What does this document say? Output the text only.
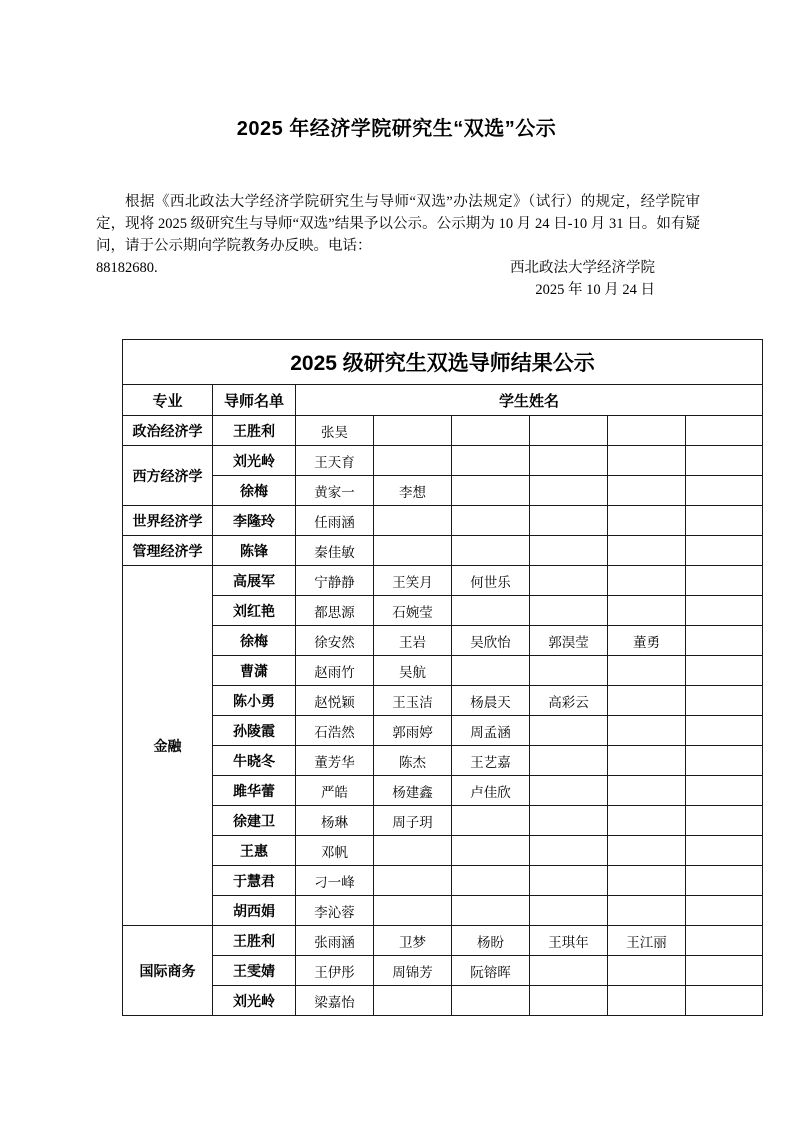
2025 年经济学院研究生“双选”公示
根据《西北政法大学经济学院研究生与导师“双选”办法规定》（试行）的规定，经学院审定，现将 2025 级研究生与导师“双选”结果予以公示。公示期为 10 月 24 日-10 月 31 日。如有疑问，请于公示期向学院教务办反映。电话：
88182680.	西北政法大学经济学院
2025 年 10 月 24 日
2025 级研究生双选导师结果公示							
专业	导师名单	学生姓名					
政治经济学	王胜利	张昊					
西方经济学	刘光岭	王天育					
	徐梅	黄家一	李想				
世界经济学	李隆玲	任雨涵					
管理经济学	陈锋	秦佳敏					
金融	高展军	宁静静	王笑月	何世乐			
	刘红艳	都思源	石婉莹				
	徐梅	徐安然	王岩	吴欣怡	郭淏莹	董勇	
	曹潇	赵雨竹	吴航				
	陈小勇	赵悦颖	王玉洁	杨晨天	高彩云		
	孙陵霞	石浩然	郭雨婷	周孟涵			
	牛晓冬	董芳华	陈杰	王艺嘉			
	雎华蕾	严皓	杨建鑫	卢佳欣			
	徐建卫	杨琳	周子玥				
	王惠	邓帆					
	于慧君	刁一峰					
	胡西娟	李沁蓉					
国际商务	王胜利	张雨涵	卫梦	杨盼	王琪年	王江丽	
	王雯婧	王伊彤	周锦芳	阮镕晖			
	刘光岭	梁嘉怡					
